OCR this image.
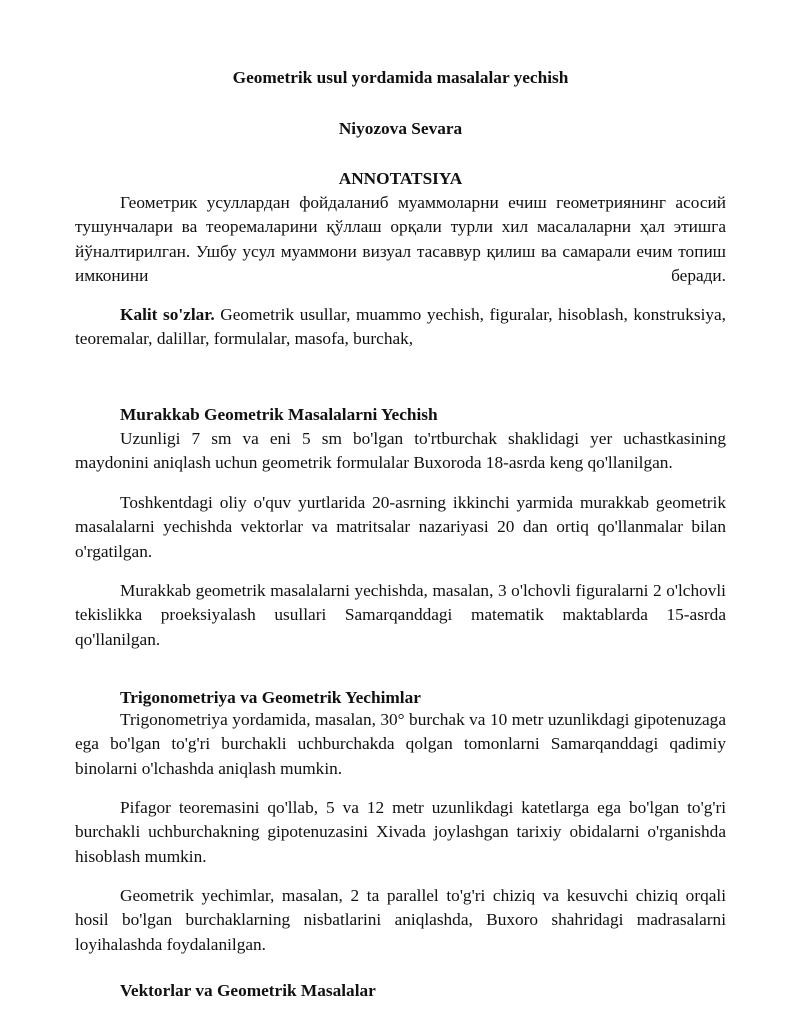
Geometrik usul yordamida masalalar yechish

Niyozova Sevara

ANNOTATSIYA

Геометрик усуллардан фойдаланиб муаммоларни ечиш геометриянинг асосий тушунчалари ва теоремаларини қўллаш орқали турли хил масалаларни ҳал этишга йўналтирилган. Ушбу усул муаммони визуал тасаввур қилиш ва самарали ечим топиш имконини беради.

Kalit so'zlar. Geometrik usullar, muammo yechish, figuralar, hisoblash, konstruksiya, teoremalar, dalillar, formulalar, masofa, burchak,

Murakkab Geometrik Masalalarni Yechish

Uzunligi 7 sm va eni 5 sm bo'lgan to'rtburchak shaklidagi yer uchastkasining maydonini aniqlash uchun geometrik formulalar Buxoroda 18-asrda keng qo'llanilgan.

Toshkentdagi oliy o'quv yurtlarida 20-asrning ikkinchi yarmida murakkab geometrik masalalarni yechishda vektorlar va matritsalar nazariyasi 20 dan ortiq qo'llanmalar bilan o'rgatilgan.

Murakkab geometrik masalalarni yechishda, masalan, 3 o'lchovli figuralarni 2 o'lchovli tekislikka proeksiyalash usullari Samarqanddagi matematik maktablarda 15-asrda qo'llanilgan.

Trigonometriya va Geometrik Yechimlar

Trigonometriya yordamida, masalan, 30° burchak va 10 metr uzunlikdagi gipotenuzaga ega bo'lgan to'g'ri burchakli uchburchakda qolgan tomonlarni Samarqanddagi qadimiy binolarni o'lchashda aniqlash mumkin.

Pifagor teoremasini qo'llab, 5 va 12 metr uzunlikdagi katetlarga ega bo'lgan to'g'ri burchakli uchburchakning gipotenuzasini Xivada joylashgan tarixiy obidalarni o'rganishda hisoblash mumkin.

Geometrik yechimlar, masalan, 2 ta parallel to'g'ri chiziq va kesuvchi chiziq orqali hosil bo'lgan burchaklarning nisbatlarini aniqlashda, Buxoro shahridagi madrasalarni loyihalashda foydalanilgan.

Vektorlar va Geometrik Masalalar
